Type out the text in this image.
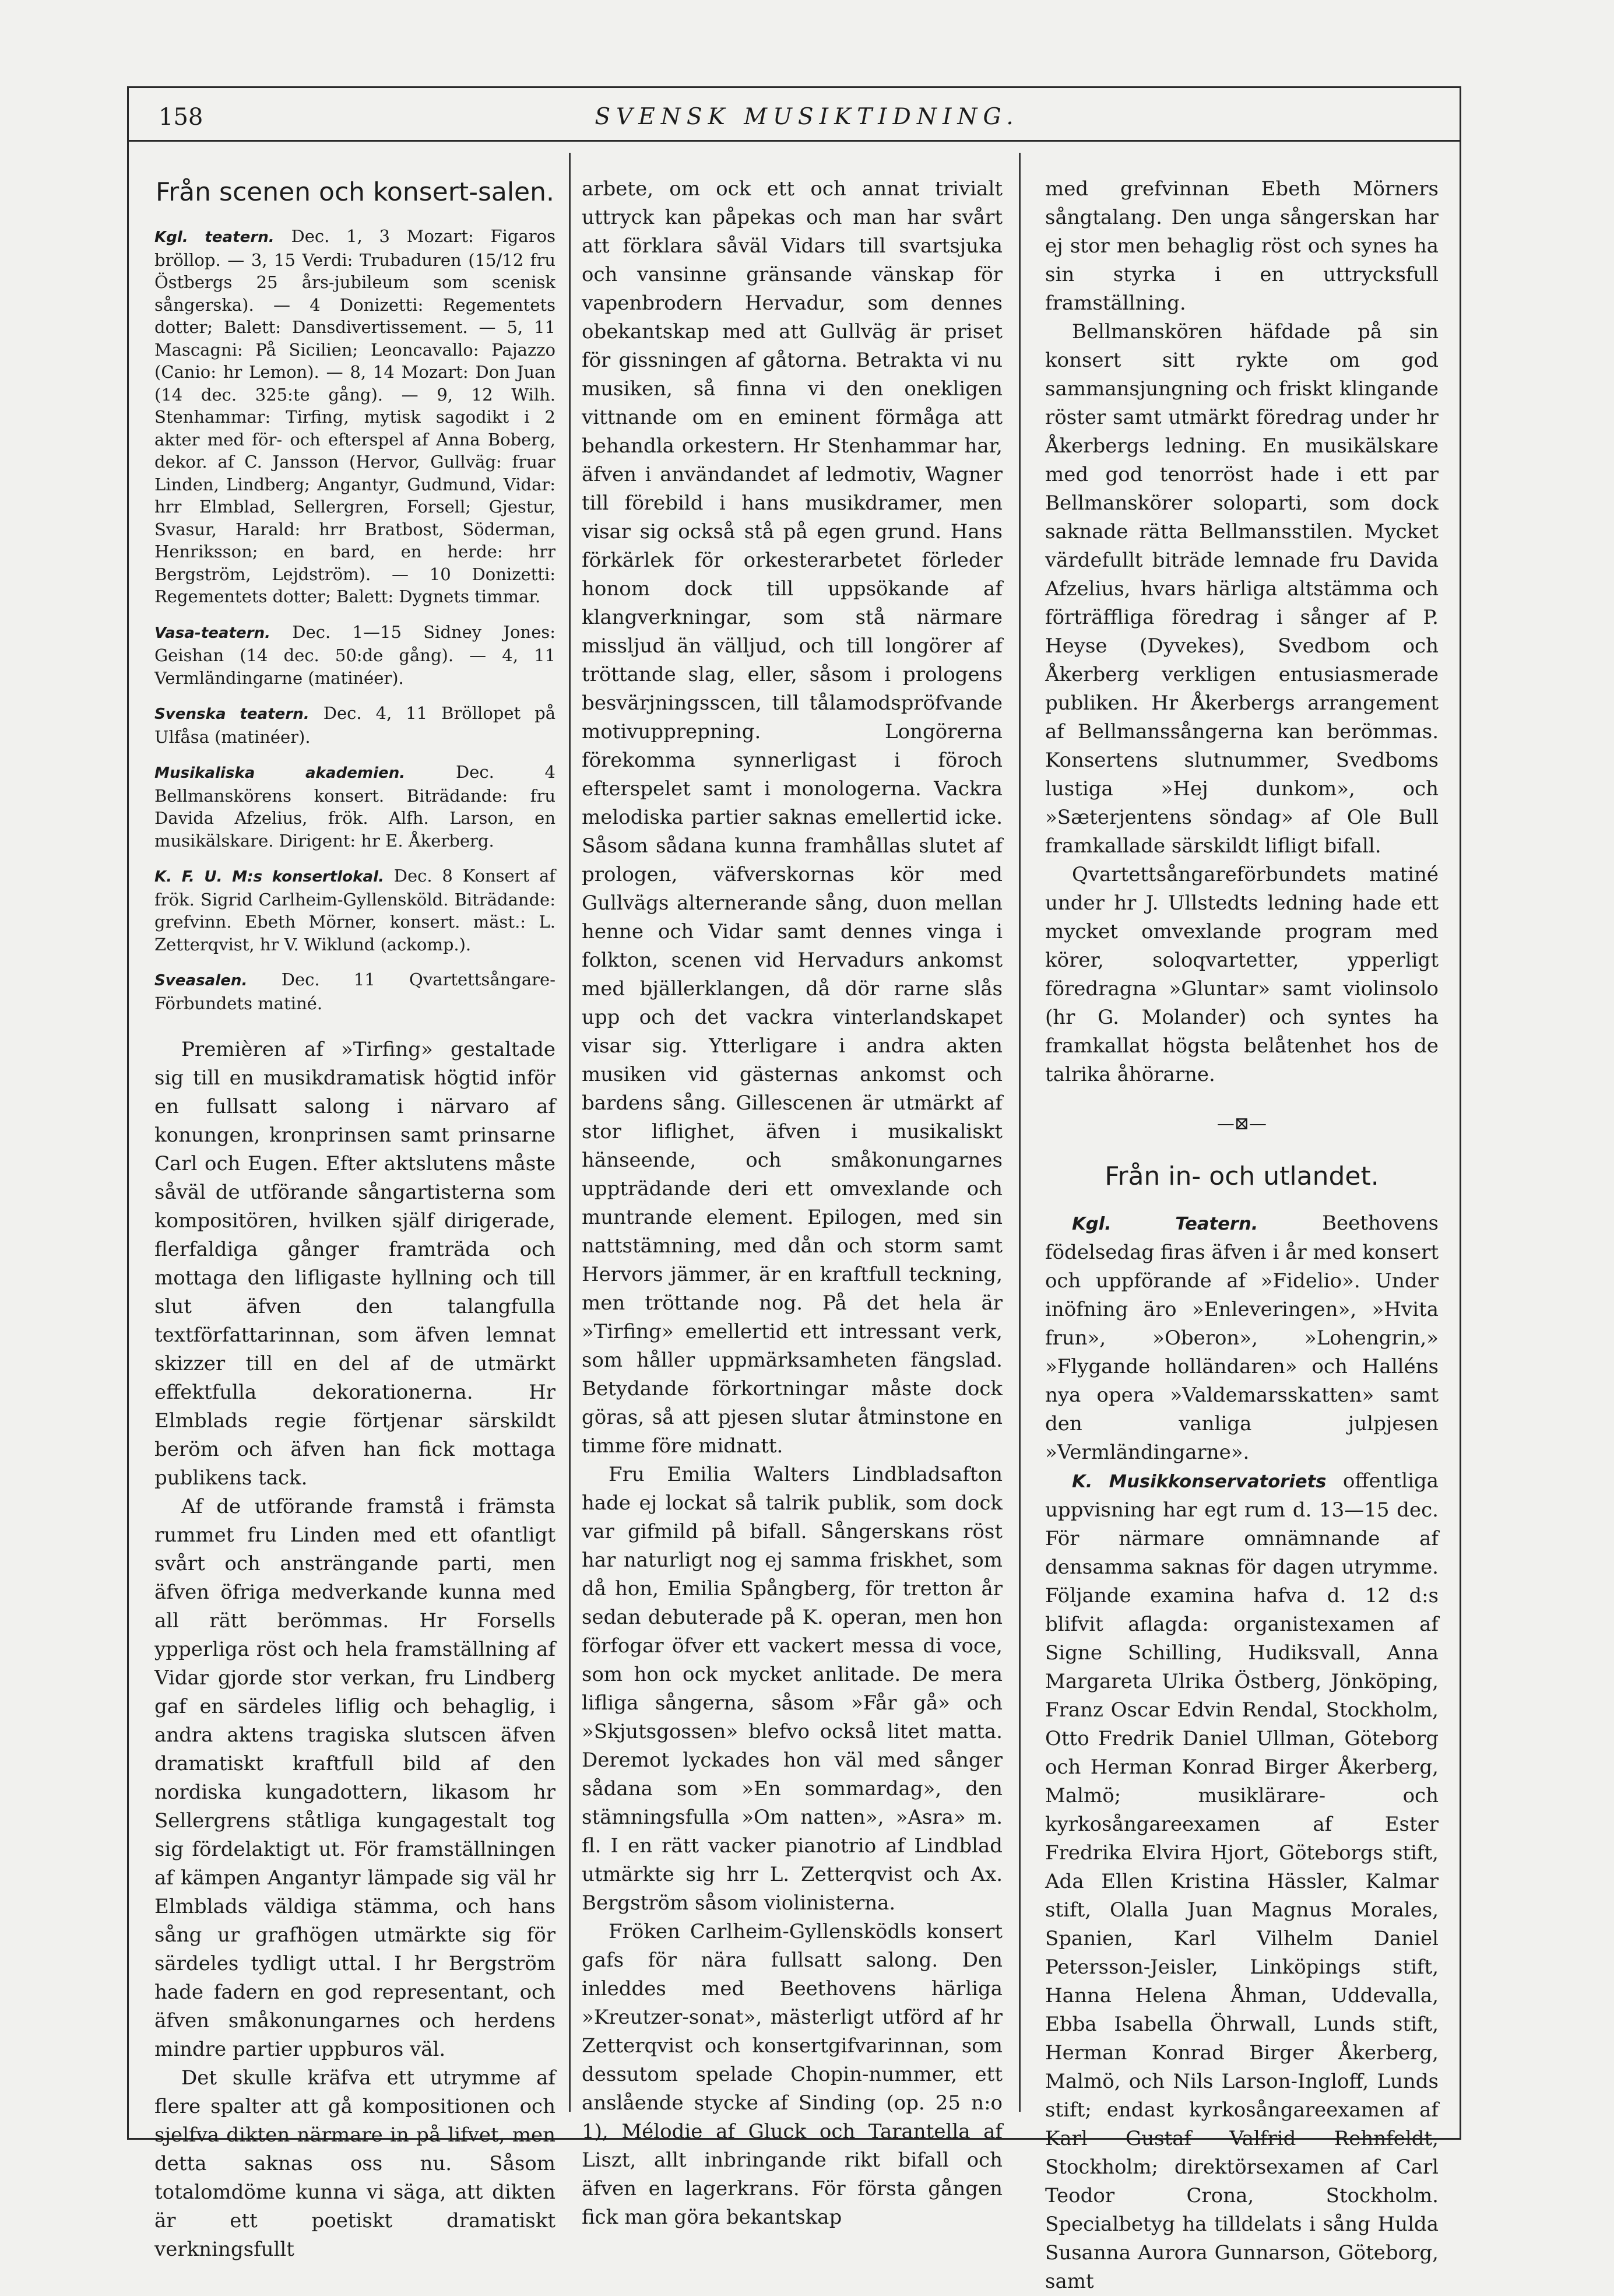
158	SVENSK MUSIKTIDNING.
Från scenen och konsert-salen.

Kgl. teatern. Dec. 1, 3 Mozart: Figaros bröllop. — 3, 15 Verdi: Trubaduren (15/12 fru Östbergs 25 års-jubileum som scenisk sångerska). — 4 Donizetti: Regementets dotter; Balett: Dansdivertissement. — 5, 11 Mascagni: På Sicilien; Leoncavallo: Pajazzo (Canio: hr Lemon). — 8, 14 Mozart: Don Juan (14 dec. 325:te gång). — 9, 12 Wilh. Stenhammar: Tirfing, mytisk sagodikt i 2 akter med för- och efterspel af Anna Boberg, dekor. af C. Jansson (Hervor, Gullväg: fruar Linden, Lindberg; Angantyr, Gudmund, Vidar: hrr Elmblad, Sellergren, Forsell; Gjestur, Svasur, Harald: hrr Bratbost, Söderman, Henriksson; en bard, en herde: hrr Bergström, Lejdström). — 10 Donizetti: Regementets dotter; Balett: Dygnets timmar.

Vasa-teatern. Dec. 1—15 Sidney Jones: Geishan (14 dec. 50:de gång). — 4, 11 Vermländingarne (matinéer).

Svenska teatern. Dec. 4, 11 Bröllopet på Ulfåsa (matinéer).

Musikaliska akademien.	Dec. 4 Bellmanskörens konsert. Biträdande: fru Davida Afzelius, frök. Alfh. Larson, en musikälskare. Dirigent: hr E. Åkerberg.

K. F. U. M:s konsertlokal. Dec. 8 Konsert af frök. Sigrid Carlheim-Gyllensköld. Biträdande: grefvinn. Ebeth Mörner, konsert. mäst.: L. Zetterqvist, hr V. Wiklund (ackomp.).

Sveasalen. Dec. 11 Qvartettsångare-Förbundets matiné.

Premièren af »Tirfing» gestaltade sig till en musikdramatisk högtid inför en fullsatt salong i närvaro af konungen, kronprinsen samt prinsarne Carl och Eugen. Efter aktslutens måste såväl de utförande sångartisterna som kompositören, hvilken själf dirigerade, flerfaldiga gånger framträda och mottaga den lifligaste hyllning och till slut äfven den talangfulla textförfattarinnan, som äfven lemnat skizzer till en del af de utmärkt effektfulla dekorationerna. Hr Elmblads regie förtjenar särskildt beröm och äfven han fick mottaga publikens tack.

Af de utförande framstå i främsta rummet fru Linden med ett ofantligt svårt och ansträngande parti, men äfven öfriga medverkande kunna med all rätt berömmas. Hr Forsells ypperliga röst och hela framställning af Vidar gjorde stor verkan, fru Lindberg gaf en särdeles liflig och behaglig, i andra aktens tragiska slutscen äfven dramatiskt kraftfull bild af den nordiska kungadottern, likasom hr Sellergrens ståtliga kungagestalt tog sig fördelaktigt ut. För framställningen af kämpen Angantyr lämpade sig väl hr Elmblads väldiga stämma, och hans sång ur grafhögen utmärkte sig för särdeles tydligt uttal. I hr Bergström hade fadern en god representant, och äfven småkonungarnes och herdens mindre partier uppburos väl.

Det skulle kräfva ett utrymme af flere spalter att gå kompositionen och sjelfva dikten närmare in på lifvet, men detta saknas oss nu. Såsom totalomdöme kunna vi säga, att dikten är ett poetiskt dramatiskt verkningsfullt

arbete, om ock ett och annat trivialt uttryck kan påpekas och man har svårt att förklara såväl Vidars till svartsjuka och vansinne gränsande vänskap för vapenbrodern Hervadur, som dennes obekantskap med att Gullväg är priset för gissningen af gåtorna. Betrakta vi nu musiken, så finna vi den onekligen vittnande om en eminent förmåga att behandla orkestern. Hr Stenhammar har, äfven i användandet af ledmotiv, Wagner till förebild i hans musikdramer, men visar sig också stå på egen grund. Hans förkärlek för orkesterarbetet förleder honom dock till uppsökande af klangverkningar, som stå närmare missljud än välljud, och till longörer af tröttande slag, eller, såsom i prologens besvärjningsscen, till tålamodspröfvande motivupprepning. Longörerna förekomma synnerligast i föroch efterspelet samt i monologerna. Vackra melodiska partier saknas emellertid icke. Såsom sådana kunna framhållas slutet af prologen, väfverskornas kör med Gullvägs alternerande sång, duon mellan henne och Vidar samt dennes vinga i folkton, scenen vid Hervadurs ankomst med bjällerklangen, då dör rarne slås upp och det vackra vinterlandskapet visar sig. Ytterligare i andra akten musiken vid gästernas ankomst och bardens sång. Gillescenen är utmärkt af stor liflighet, äfven i musikaliskt hänseende, och småkonungarnes uppträdande deri ett omvexlande och muntrande element. Epilogen, med sin nattstämning, med dån och storm samt Hervors jämmer, är en kraftfull teckning, men tröttande nog. På det hela är »Tirfing» emellertid ett intressant verk, som håller uppmärksamheten fängslad. Betydande förkortningar måste dock göras, så att pjesen slutar åtminstone en timme före midnatt.

Fru Emilia Walters Lindbladsafton hade ej lockat så talrik publik, som dock var gifmild på bifall. Sångerskans röst har naturligt nog ej samma friskhet, som då hon, Emilia Spångberg, för tretton år sedan debuterade på K. operan, men hon förfogar öfver ett vackert messa di voce, som hon ock mycket anlitade. De mera lifliga sångerna, såsom »Får gå» och »Skjutsgossen» blefvo också litet matta. Deremot lyckades hon väl med sånger sådana som »En sommardag», den stämningsfulla »Om natten», »Asra» m. fl. I en rätt vacker pianotrio af Lindblad utmärkte sig hrr L. Zetterqvist och Ax. Bergström såsom violinisterna.

Fröken Carlheim-Gyllensködls konsert gafs för nära fullsatt salong. Den inleddes med Beethovens härliga »Kreutzer-sonat», mästerligt utförd af hr Zetterqvist och konsertgifvarinnan, som dessutom spelade Chopin-nummer, ett anslående stycke af Sinding (op. 25 n:o 1), Mélodie af Gluck och Tarantella af Liszt, allt inbringande rikt bifall och äfven en lagerkrans. För första gången fick man göra bekantskap

med grefvinnan Ebeth Mörners sångtalang. Den unga sångerskan har ej stor men behaglig röst och synes ha sin styrka i en uttrycksfull framställning.

Bellmanskören häfdade på sin konsert sitt rykte om god sammansjungning och friskt klingande röster samt utmärkt föredrag under hr Åkerbergs ledning. En musikälskare med god tenorröst hade i ett par Bellmanskörer soloparti, som dock saknade rätta Bellmansstilen. Mycket värdefullt biträde lemnade fru Davida Afzelius, hvars härliga altstämma och förträffliga föredrag i sånger af P. Heyse (Dyvekes), Svedbom och Åkerberg verkligen entusiasmerade publiken. Hr Åkerbergs arrangement af Bellmanssångerna kan berömmas. Konsertens slutnummer, Svedboms lustiga »Hej dunkom», och »Sæterjentens söndag» af Ole Bull framkallade särskildt lifligt bifall.

Qvartettsångareförbundets matiné under hr J. Ullstedts ledning hade ett mycket omvexlande program med körer, soloqvartetter, ypperligt föredragna »Gluntar» samt violinsolo (hr G. Molander) och syntes ha framkallat högsta belåtenhet hos de talrika åhörarne.

—⊠—
Från in- och utlandet.

Kgl. Teatern.	Beethovens födelsedag firas äfven i år med konsert och uppförande af »Fidelio». Under inöfning äro »Enleveringen», »Hvita frun», »Oberon», »Lohengrin,» »Flygande holländaren» och Halléns nya opera »Valdemarsskatten» samt den vanliga julpjesen »Vermländingarne».

K. Musikkonservatoriets offentliga uppvisning har egt rum d. 13—15 dec. För närmare omnämnande af densamma saknas för dagen utrymme. Följande examina hafva d. 12 d:s blifvit aflagda: organistexamen af Signe Schilling, Hudiksvall, Anna Margareta Ulrika Östberg, Jönköping, Franz Oscar Edvin Rendal, Stockholm, Otto Fredrik Daniel Ullman, Göteborg och Herman Konrad Birger Åkerberg, Malmö; musiklärare- och kyrkosångareexamen af Ester Fredrika Elvira Hjort, Göteborgs stift, Ada Ellen Kristina Hässler, Kalmar stift, Olalla Juan Magnus Morales, Spanien, Karl Vilhelm Daniel Petersson-Jeisler, Linköpings stift, Hanna Helena Åhman, Uddevalla, Ebba Isabella Öhrwall, Lunds stift, Herman Konrad Birger Åkerberg, Malmö, och Nils Larson-Ingloff, Lunds stift; endast kyrkosångareexamen af Karl Gustaf Valfrid Rehnfeldt, Stockholm; direktörsexamen af Carl Teodor Crona, Stockholm. Specialbetyg ha tilldelats i sång Hulda Susanna Aurora Gunnarson, Göteborg, samt
